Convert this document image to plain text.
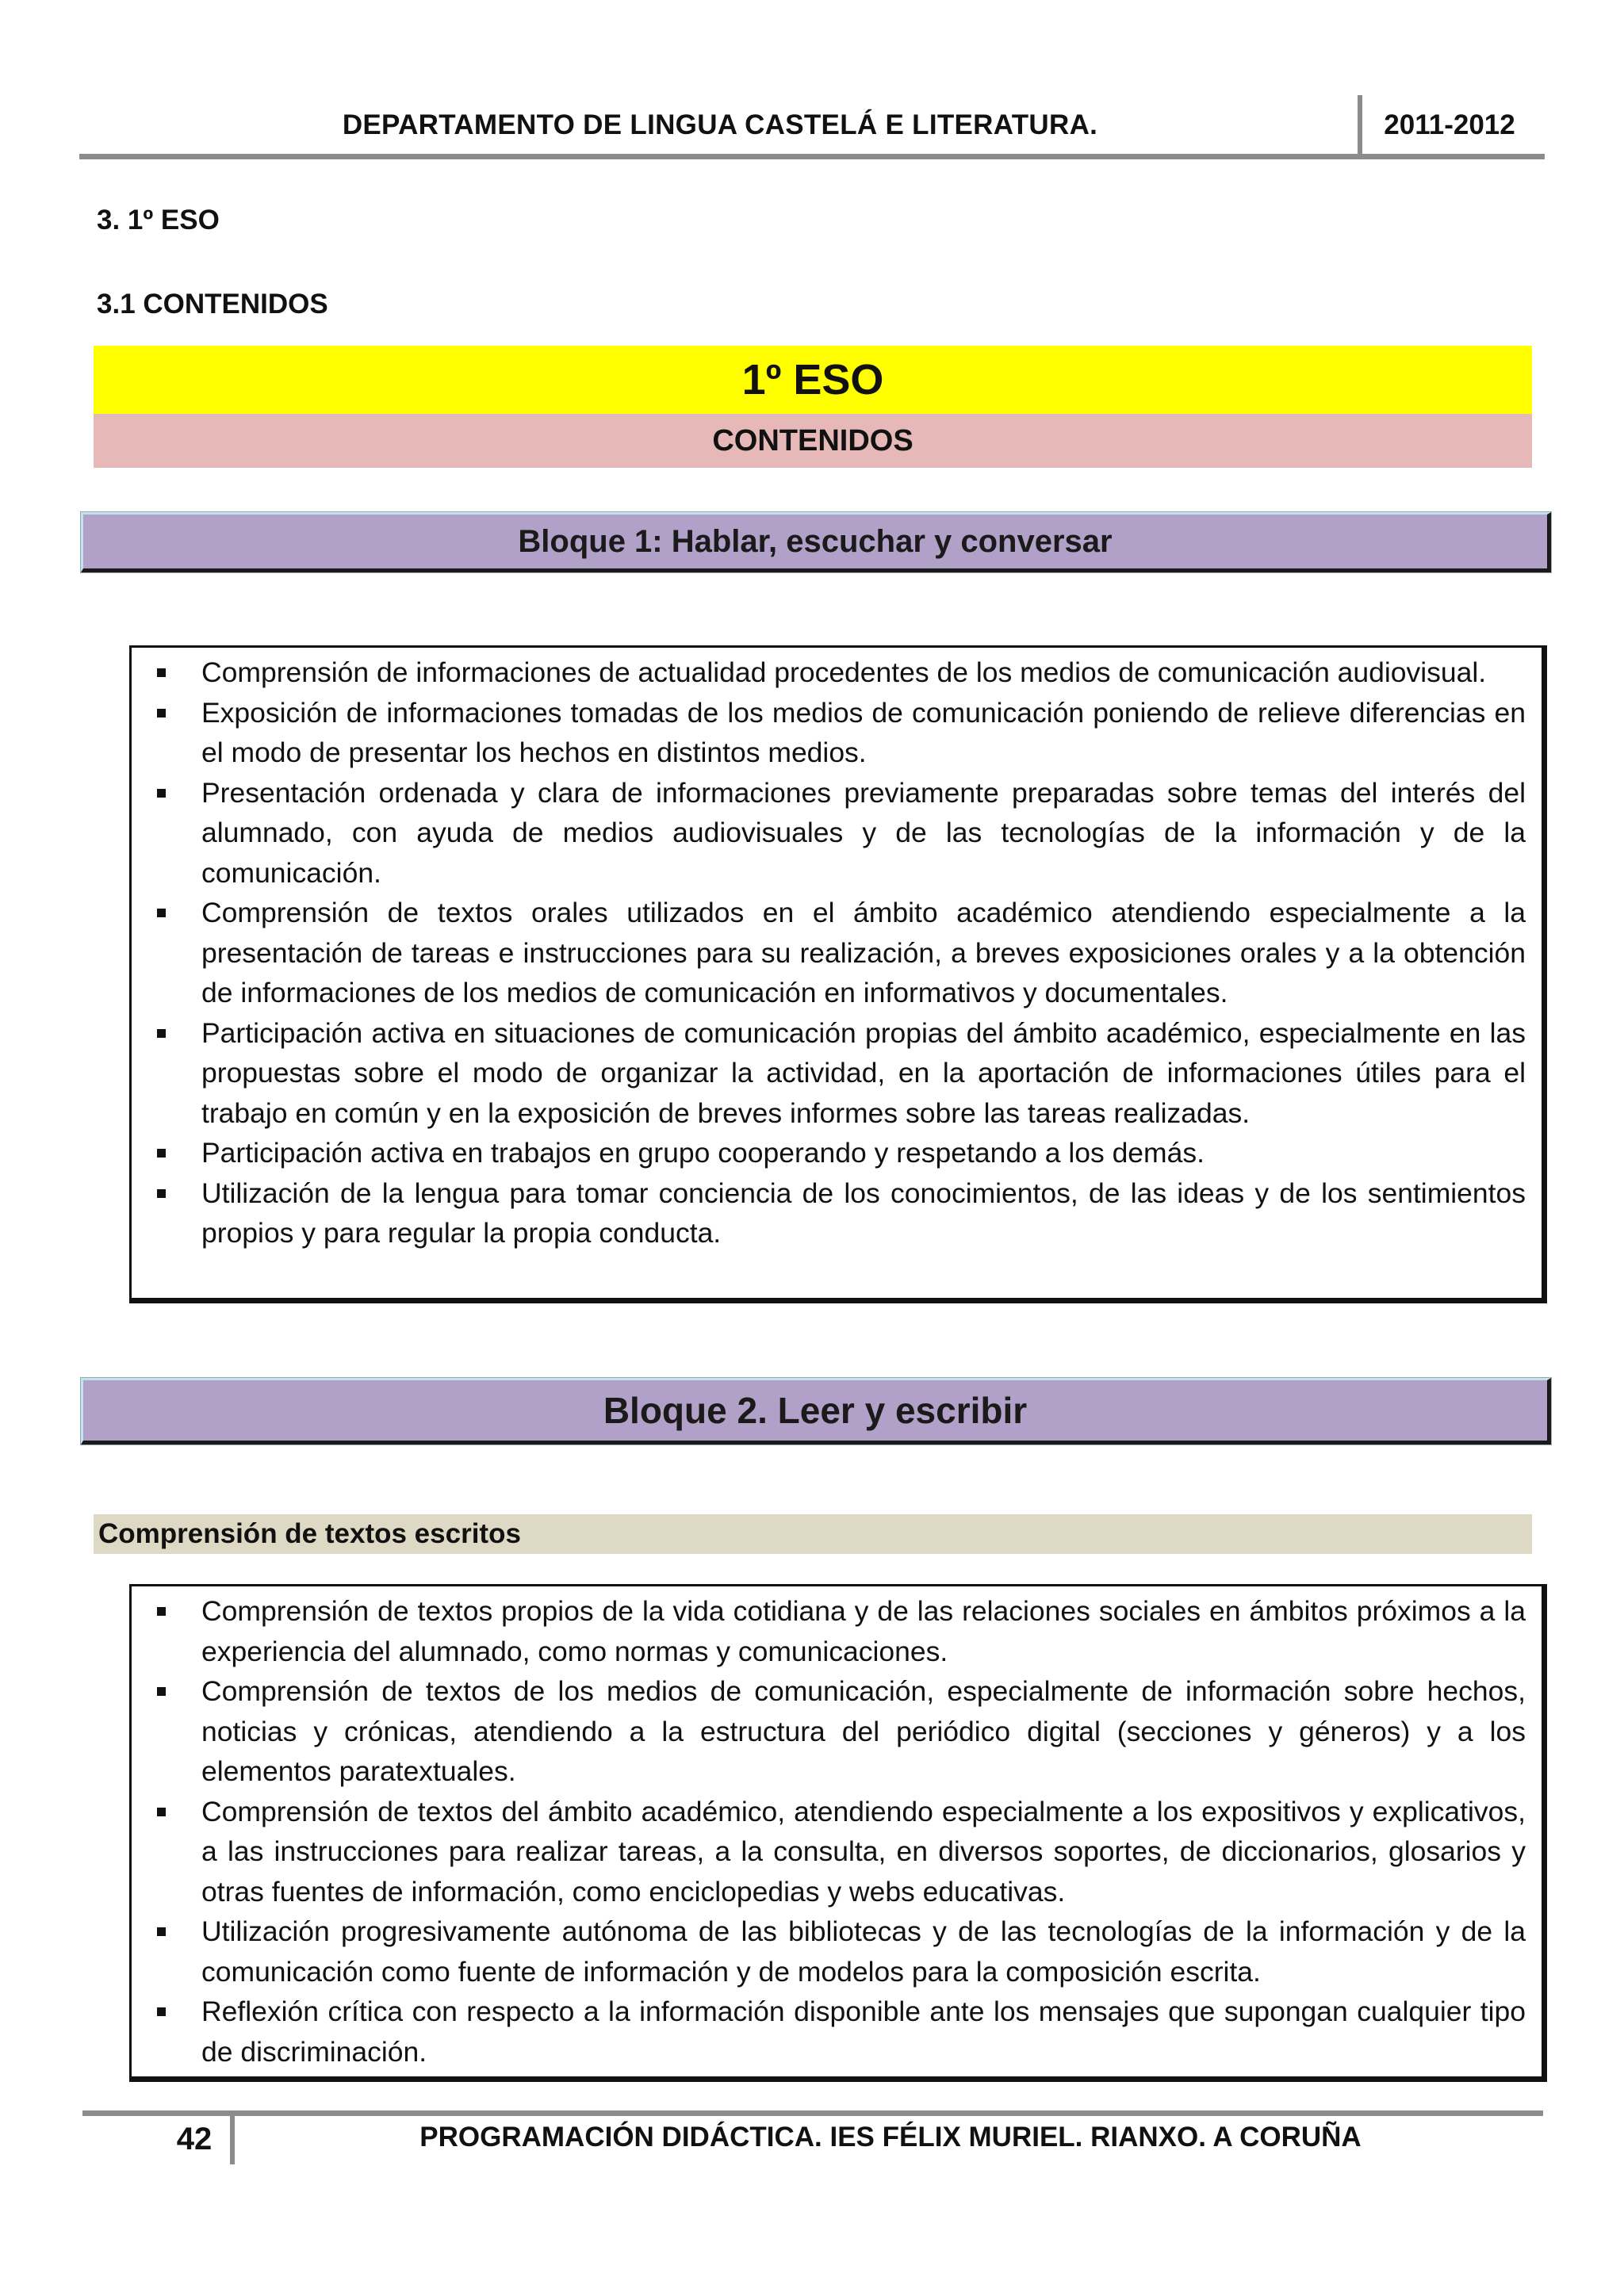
DEPARTAMENTO DE LINGUA CASTELÁ E LITERATURA.	2011-2012
3. 1º ESO
3.1 CONTENIDOS
1º ESO
CONTENIDOS
Bloque 1: Hablar, escuchar y conversar
Comprensión de informaciones de actualidad procedentes de los medios de comunicación audiovisual.
Exposición de informaciones tomadas de los medios de comunicación poniendo de relieve diferencias en el modo de presentar los hechos en distintos medios.
Presentación ordenada y clara de informaciones previamente preparadas sobre temas del interés del alumnado, con ayuda de medios audiovisuales y de las tecnologías de la información y de la comunicación.
Comprensión de textos orales utilizados en el ámbito académico atendiendo especialmente a la presentación de tareas e instrucciones para su realización, a breves exposiciones orales y a la obtención de informaciones de los medios de comunicación en informativos y documentales.
Participación activa en situaciones de comunicación propias del ámbito académico, especialmente en las propuestas sobre el modo de organizar la actividad, en la aportación de informaciones útiles para el trabajo en común y en la exposición de breves informes sobre las tareas realizadas.
Participación activa en trabajos en grupo cooperando y respetando a los demás.
Utilización de la lengua para tomar conciencia de los conocimientos, de las ideas y de los sentimientos propios y para regular la propia conducta.
Bloque 2. Leer y escribir
Comprensión de textos escritos
Comprensión de textos propios de la vida cotidiana y de las relaciones sociales en ámbitos próximos a la experiencia del alumnado, como normas y comunicaciones.
Comprensión de textos de los medios de comunicación, especialmente de información sobre hechos, noticias y crónicas, atendiendo a la estructura del periódico digital (secciones y géneros) y a los elementos paratextuales.
Comprensión de textos del ámbito académico, atendiendo especialmente a los expositivos y explicativos, a las instrucciones para realizar tareas, a la consulta, en diversos soportes, de diccionarios, glosarios y otras fuentes de información, como enciclopedias y webs educativas.
Utilización progresivamente autónoma de las bibliotecas y de las tecnologías de la información y de la comunicación como fuente de información y de modelos para la composición escrita.
Reflexión crítica con respecto a la información disponible ante los mensajes que supongan cualquier tipo de discriminación.
42	PROGRAMACIÓN DIDÁCTICA. IES FÉLIX MURIEL. RIANXO. A CORUÑA
